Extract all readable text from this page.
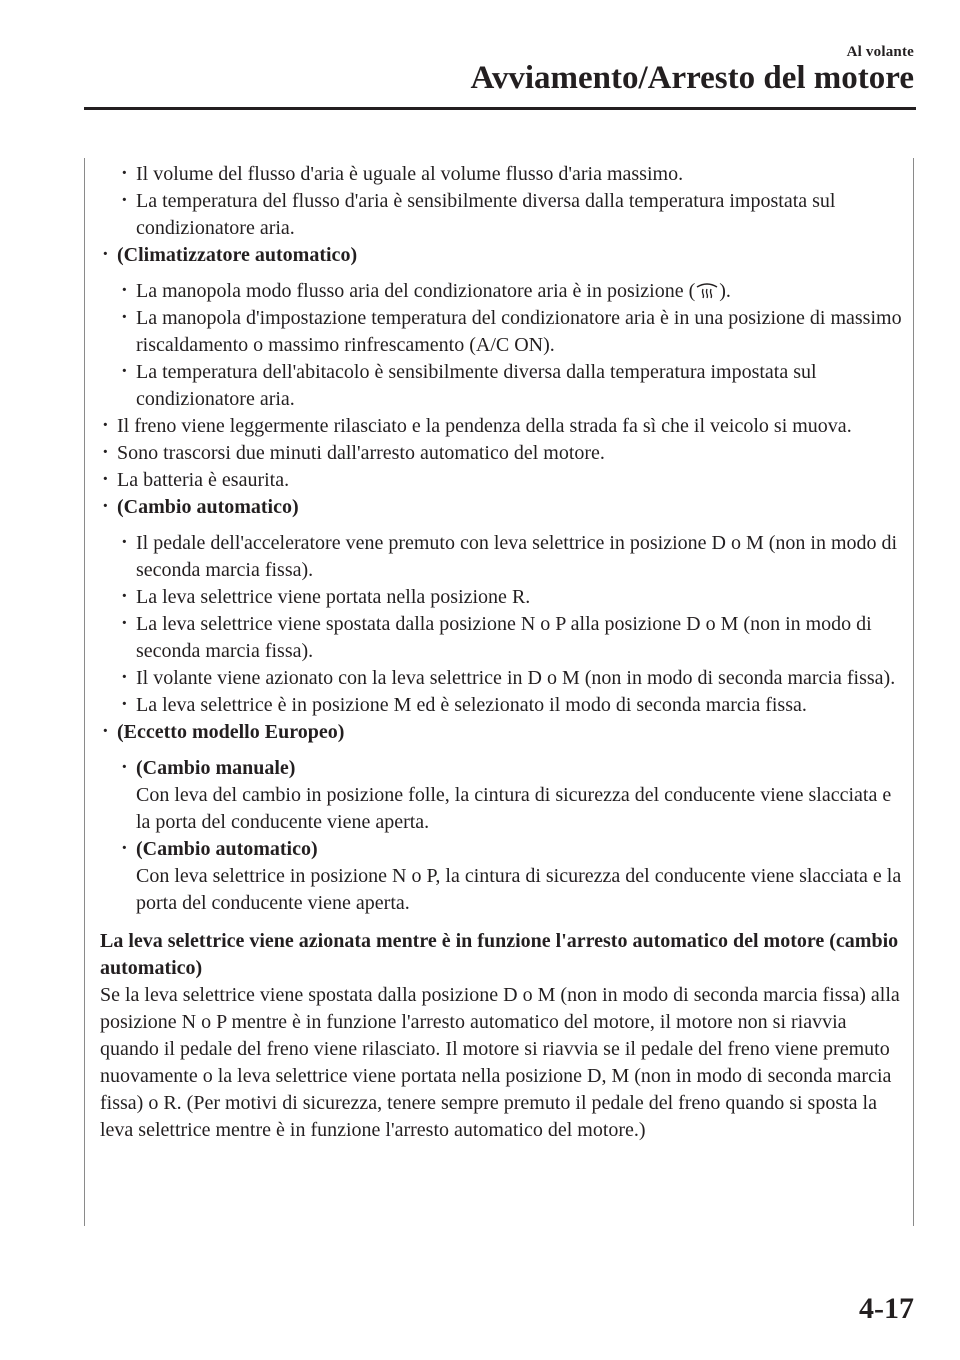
Al volante
Avviamento/Arresto del motore
· Il volume del flusso d'aria è uguale al volume flusso d'aria massimo.
· La temperatura del flusso d'aria è sensibilmente diversa dalla temperatura impostata sul condizionatore aria.
· (Climatizzatore automatico)
· La manopola modo flusso aria del condizionatore aria è in posizione ( ).
· La manopola d'impostazione temperatura del condizionatore aria è in una posizione di massimo riscaldamento o massimo rinfrescamento (A/C ON).
· La temperatura dell'abitacolo è sensibilmente diversa dalla temperatura impostata sul condizionatore aria.
· Il freno viene leggermente rilasciato e la pendenza della strada fa sì che il veicolo si muova.
· Sono trascorsi due minuti dall'arresto automatico del motore.
· La batteria è esaurita.
· (Cambio automatico)
· Il pedale dell'acceleratore vene premuto con leva selettrice in posizione D o M (non in modo di seconda marcia fissa).
· La leva selettrice viene portata nella posizione R.
· La leva selettrice viene spostata dalla posizione N o P alla posizione D o M (non in modo di seconda marcia fissa).
· Il volante viene azionato con la leva selettrice in D o M (non in modo di seconda marcia fissa).
· La leva selettrice è in posizione M ed è selezionato il modo di seconda marcia fissa.
· (Eccetto modello Europeo)
· (Cambio manuale)
Con leva del cambio in posizione folle, la cintura di sicurezza del conducente viene slacciata e la porta del conducente viene aperta.
· (Cambio automatico)
Con leva selettrice in posizione N o P, la cintura di sicurezza del conducente viene slacciata e la porta del conducente viene aperta.
La leva selettrice viene azionata mentre è in funzione l'arresto automatico del motore (cambio automatico)
Se la leva selettrice viene spostata dalla posizione D o M (non in modo di seconda marcia fissa) alla posizione N o P mentre è in funzione l'arresto automatico del motore, il motore non si riavvia quando il pedale del freno viene rilasciato. Il motore si riavvia se il pedale del freno viene premuto nuovamente o la leva selettrice viene portata nella posizione D, M (non in modo di seconda marcia fissa) o R. (Per motivi di sicurezza, tenere sempre premuto il pedale del freno quando si sposta la leva selettrice mentre è in funzione l'arresto automatico del motore.)
4-17
